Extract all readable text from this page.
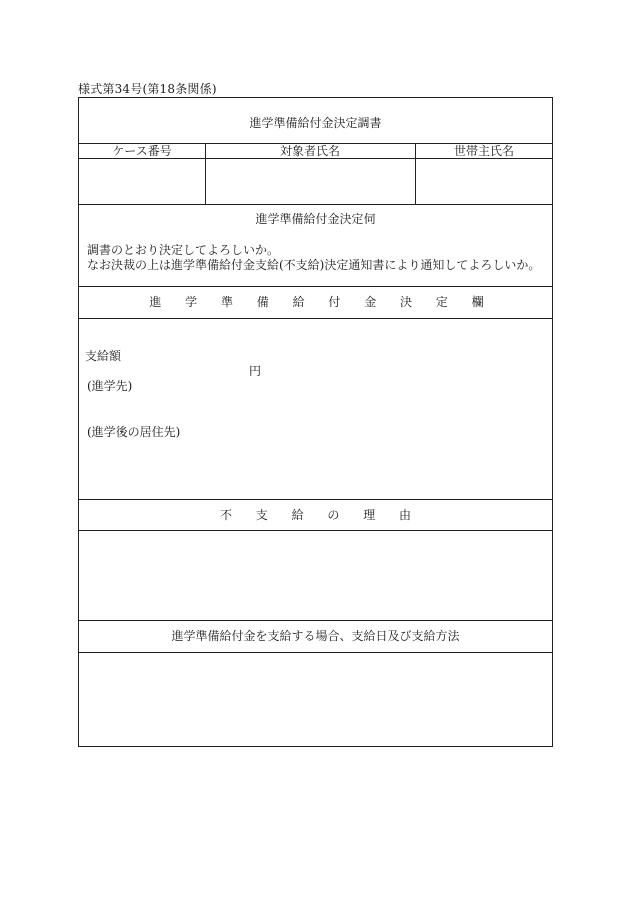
様式第34号(第18条関係)
進学準備給付金決定調書
ケース番号	対象者氏名	世帯主氏名
進学準備給付金決定伺
調書のとおり決定してよろしいか。
なお決裁の上は進学準備給付金支給(不支給)決定通知書により通知してよろしいか。
進 学 準 備 給 付 金 決 定 欄
支給額
円
(進学先)
(進学後の居住先)
不 支 給 の 理 由
進学準備給付金を支給する場合、支給日及び支給方法
